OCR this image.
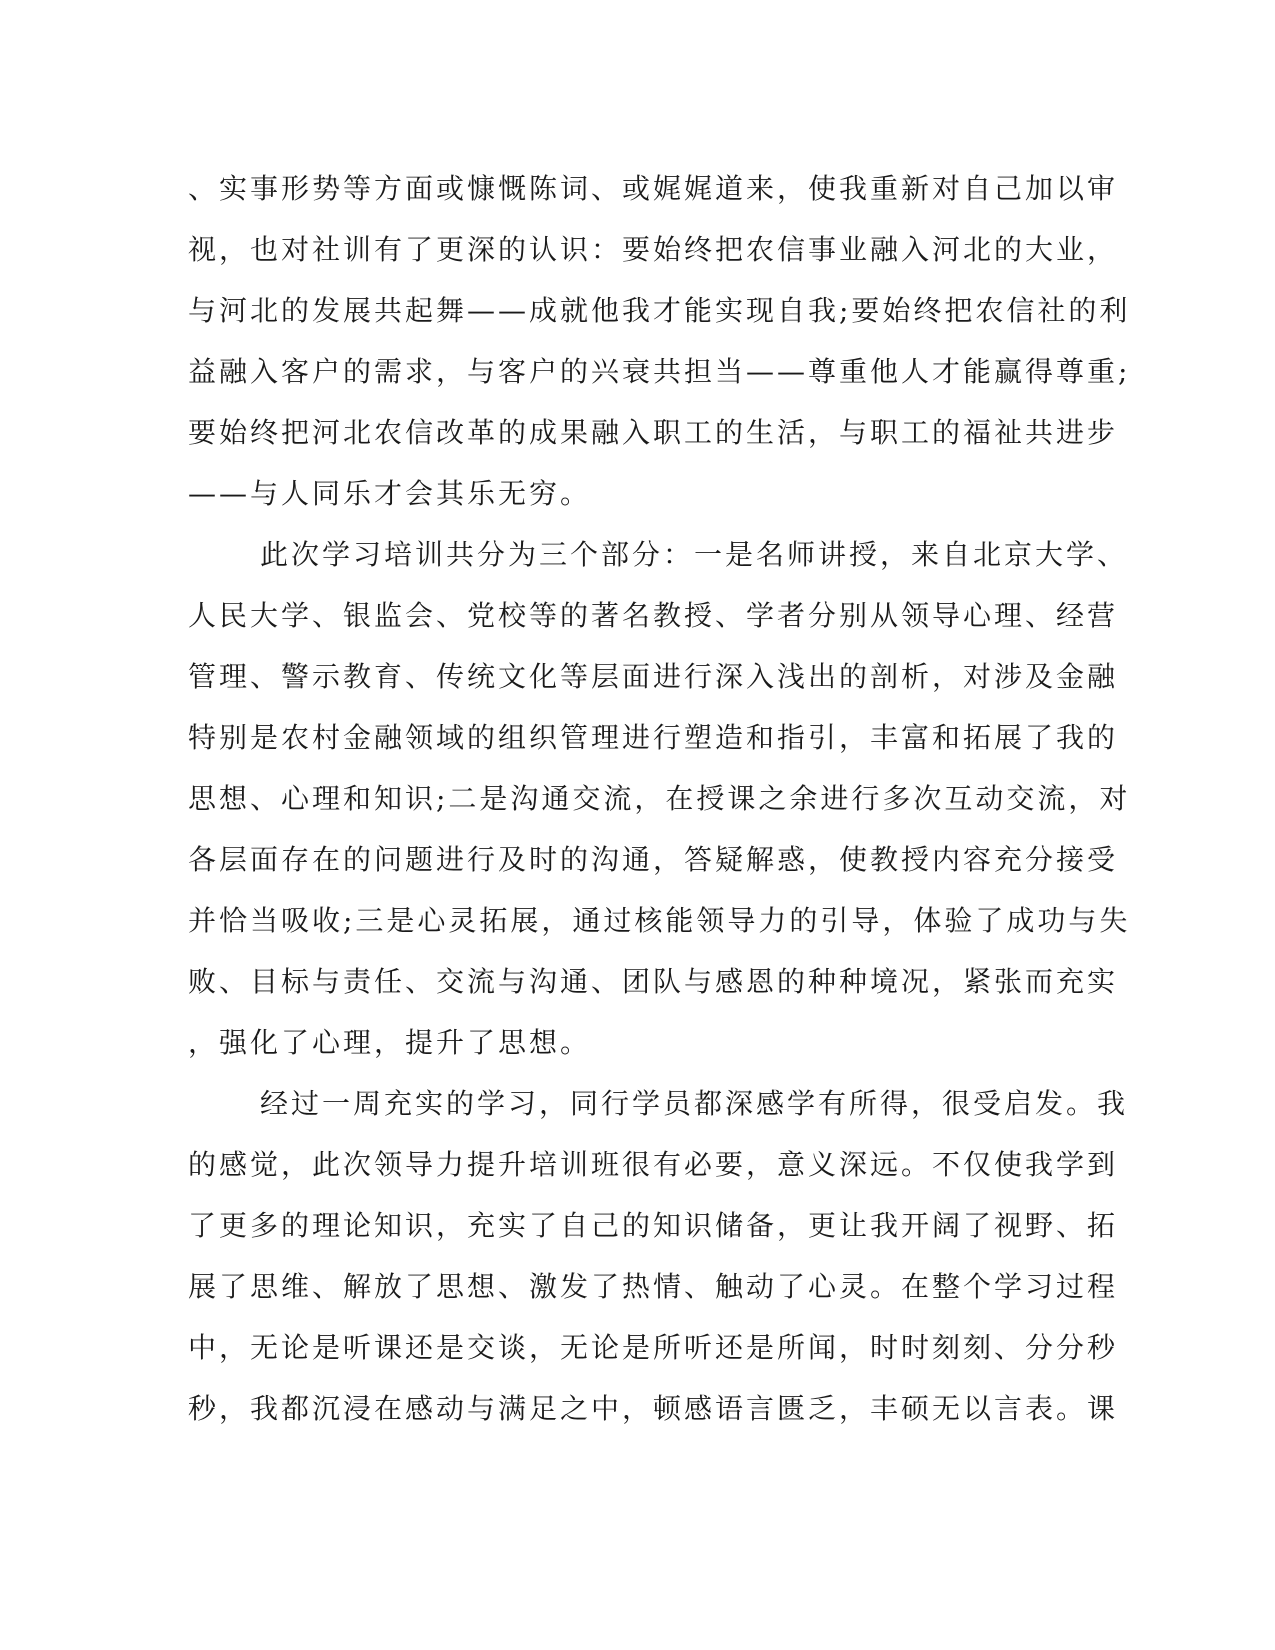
、实事形势等方面或慷慨陈词、或娓娓道来，使我重新对自己加以审
视，也对社训有了更深的认识：要始终把农信事业融入河北的大业，
与河北的发展共起舞——成就他我才能实现自我;要始终把农信社的利
益融入客户的需求，与客户的兴衰共担当——尊重他人才能赢得尊重;
要始终把河北农信改革的成果融入职工的生活，与职工的福祉共进步
——与人同乐才会其乐无穷。
此次学习培训共分为三个部分：一是名师讲授，来自北京大学、
人民大学、银监会、党校等的著名教授、学者分别从领导心理、经营
管理、警示教育、传统文化等层面进行深入浅出的剖析，对涉及金融
特别是农村金融领域的组织管理进行塑造和指引，丰富和拓展了我的
思想、心理和知识;二是沟通交流，在授课之余进行多次互动交流，对
各层面存在的问题进行及时的沟通，答疑解惑，使教授内容充分接受
并恰当吸收;三是心灵拓展，通过核能领导力的引导，体验了成功与失
败、目标与责任、交流与沟通、团队与感恩的种种境况，紧张而充实
，强化了心理，提升了思想。
经过一周充实的学习，同行学员都深感学有所得，很受启发。我
的感觉，此次领导力提升培训班很有必要，意义深远。不仅使我学到
了更多的理论知识，充实了自己的知识储备，更让我开阔了视野、拓
展了思维、解放了思想、激发了热情、触动了心灵。在整个学习过程
中，无论是听课还是交谈，无论是所听还是所闻，时时刻刻、分分秒
秒，我都沉浸在感动与满足之中，顿感语言匮乏，丰硕无以言表。课
